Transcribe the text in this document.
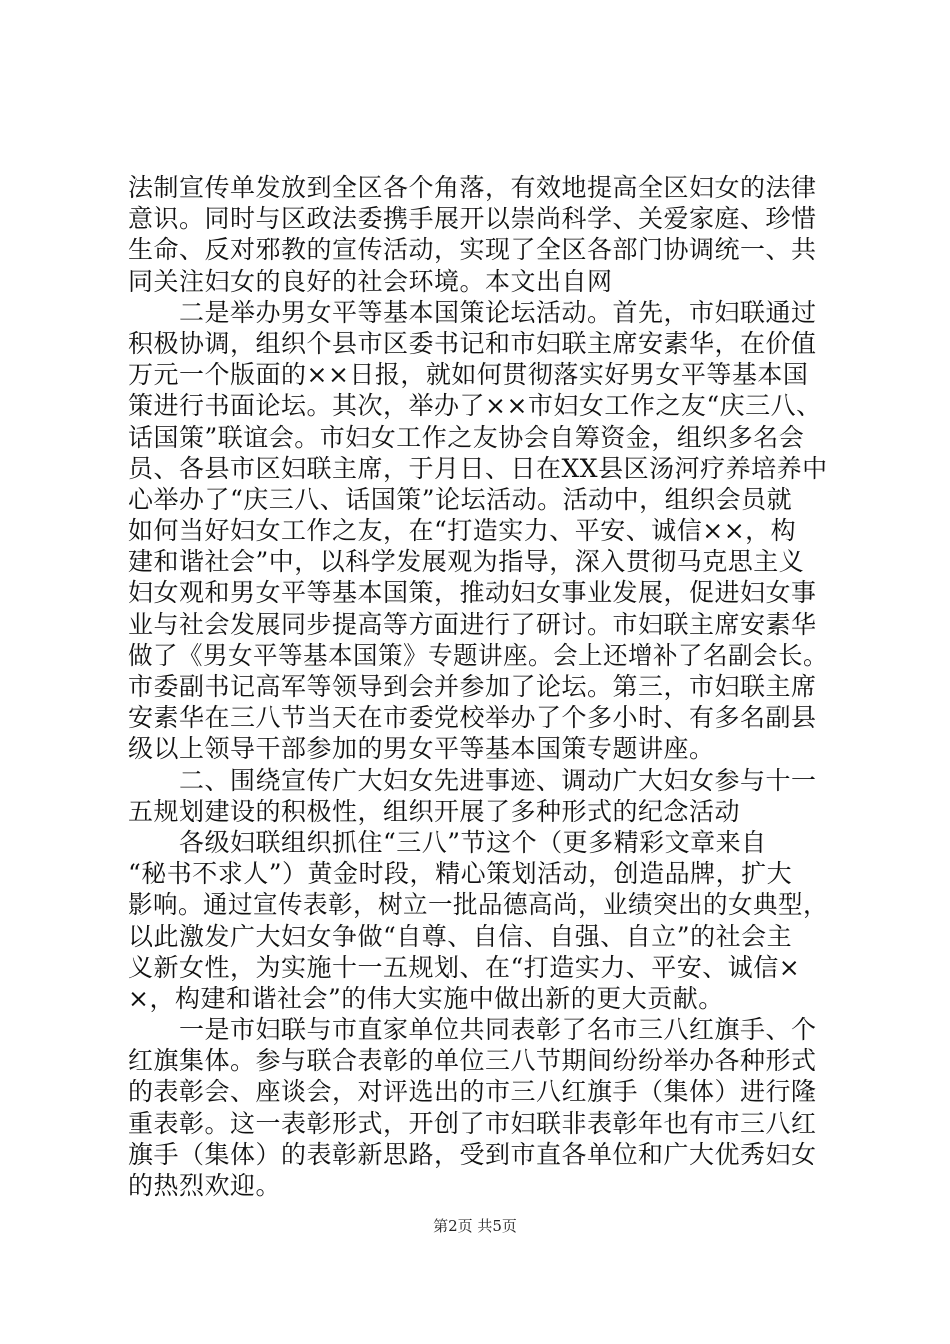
法制宣传单发放到全区各个角落，有效地提高全区妇女的法律
意识。同时与区政法委携手展开以崇尚科学、关爱家庭、珍惜
生命、反对邪教的宣传活动，实现了全区各部门协调统一、共
同关注妇女的良好的社会环境。本文出自网
　　二是举办男女平等基本国策论坛活动。首先，市妇联通过
积极协调，组织个县市区委书记和市妇联主席安素华，在价值
万元一个版面的××日报，就如何贯彻落实好男女平等基本国
策进行书面论坛。其次，举办了××市妇女工作之友“庆三八、
话国策”联谊会。市妇女工作之友协会自筹资金，组织多名会
员、各县市区妇联主席，于月日、日在XX县区汤河疗养培养中
心举办了“庆三八、话国策”论坛活动。活动中，组织会员就
如何当好妇女工作之友，在“打造实力、平安、诚信××，构
建和谐社会”中，以科学发展观为指导，深入贯彻马克思主义
妇女观和男女平等基本国策，推动妇女事业发展，促进妇女事
业与社会发展同步提高等方面进行了研讨。市妇联主席安素华
做了《男女平等基本国策》专题讲座。会上还增补了名副会长。
市委副书记高军等领导到会并参加了论坛。第三，市妇联主席
安素华在三八节当天在市委党校举办了个多小时、有多名副县
级以上领导干部参加的男女平等基本国策专题讲座。
　　二、围绕宣传广大妇女先进事迹、调动广大妇女参与十一
五规划建设的积极性，组织开展了多种形式的纪念活动
　　各级妇联组织抓住“三八”节这个（更多精彩文章来自
“秘书不求人”）黄金时段，精心策划活动，创造品牌，扩大
影响。通过宣传表彰，树立一批品德高尚，业绩突出的女典型，
以此激发广大妇女争做“自尊、自信、自强、自立”的社会主
义新女性，为实施十一五规划、在“打造实力、平安、诚信×
×，构建和谐社会”的伟大实施中做出新的更大贡献。
　　一是市妇联与市直家单位共同表彰了名市三八红旗手、个
红旗集体。参与联合表彰的单位三八节期间纷纷举办各种形式
的表彰会、座谈会，对评选出的市三八红旗手（集体）进行隆
重表彰。这一表彰形式，开创了市妇联非表彰年也有市三八红
旗手（集体）的表彰新思路，受到市直各单位和广大优秀妇女
的热烈欢迎。
第2页 共5页
